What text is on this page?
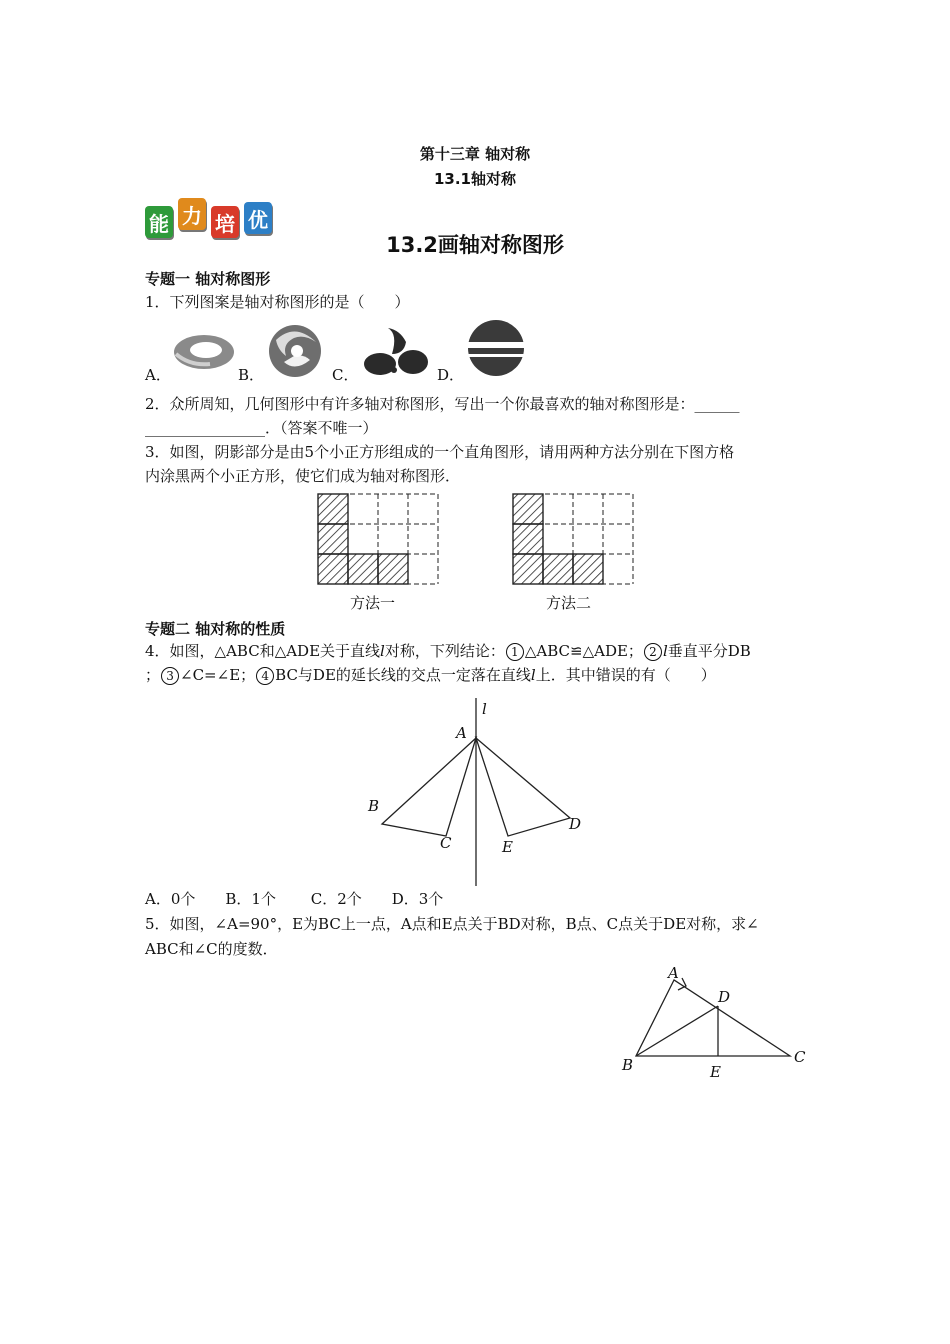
第十三章 轴对称
13.1轴对称
能 力 培 优
13.2画轴对称图形
专题一 轴对称图形
1．下列图案是轴对称图形的是（　　）
A．	B．	C．	D．
2．众所周知，几何图形中有许多轴对称图形，写出一个你最喜欢的轴对称图形是：______
________________．（答案不唯一）
3．如图，阴影部分是由5个小正方形组成的一个直角图形，请用两种方法分别在下图方格
内涂黑两个小正方形，使它们成为轴对称图形．
方法一	方法二
专题二 轴对称的性质
4．如图，△ABC和△ADE关于直线l对称，下列结论： 1 △ABC≌△ADE； 2 l垂直平分DB
； 3 ∠C=∠E； 4 BC与DE的延长线的交点一定落在直线l上．其中错误的有（　　）
l
A
B
C
D
E
A．0个　　B．1个　　 C．2个　　D．3个
5．如图，∠A=90°，E为BC上一点，A点和E点关于BD对称，B点、C点关于DE对称，求∠
ABC和∠C的度数．
A
D
B	E
C
